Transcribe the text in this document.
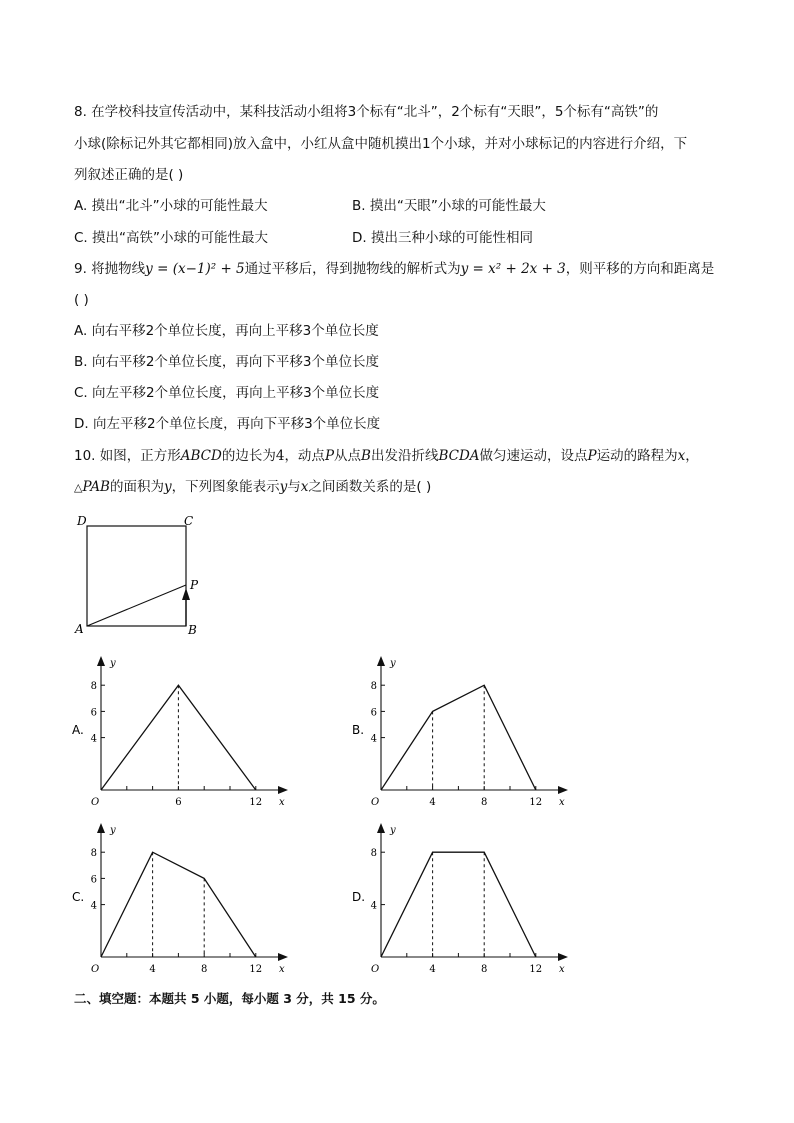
8. 在学校科技宣传活动中，某科技活动小组将3个标有“北斗”，2个标有“天眼”，5个标有“高铁”的
小球(除标记外其它都相同)放入盒中，小红从盒中随机摸出1个小球，并对小球标记的内容进行介绍，下
列叙述正确的是( )
A. 摸出“北斗”小球的可能性最大	B. 摸出“天眼”小球的可能性最大
C. 摸出“高铁”小球的可能性最大	D. 摸出三种小球的可能性相同
9. 将抛物线y = (x−1)² + 5通过平移后，得到抛物线的解析式为y = x² + 2x + 3，则平移的方向和距离是
( )
A. 向右平移2个单位长度，再向上平移3个单位长度
B. 向右平移2个单位长度，再向下平移3个单位长度
C. 向左平移2个单位长度，再向上平移3个单位长度
D. 向左平移2个单位长度，再向下平移3个单位长度
10. 如图，正方形ABCD的边长为4，动点P从点B出发沿折线BCDA做匀速运动，设点P运动的路程为x，
△PAB的面积为y，下列图象能表示y与x之间函数关系的是( )
D	C
A	B
P
8
6
4
6	12
O	x
y
A.
8
6
4
4	8	12
O	x
y
B.
8
6
4
4	8	12
O	x
y
C.
8
4
4	8	12
O	x
y
D.
二、填空题：本题共 5 小题，每小题 3 分，共 15 分。
